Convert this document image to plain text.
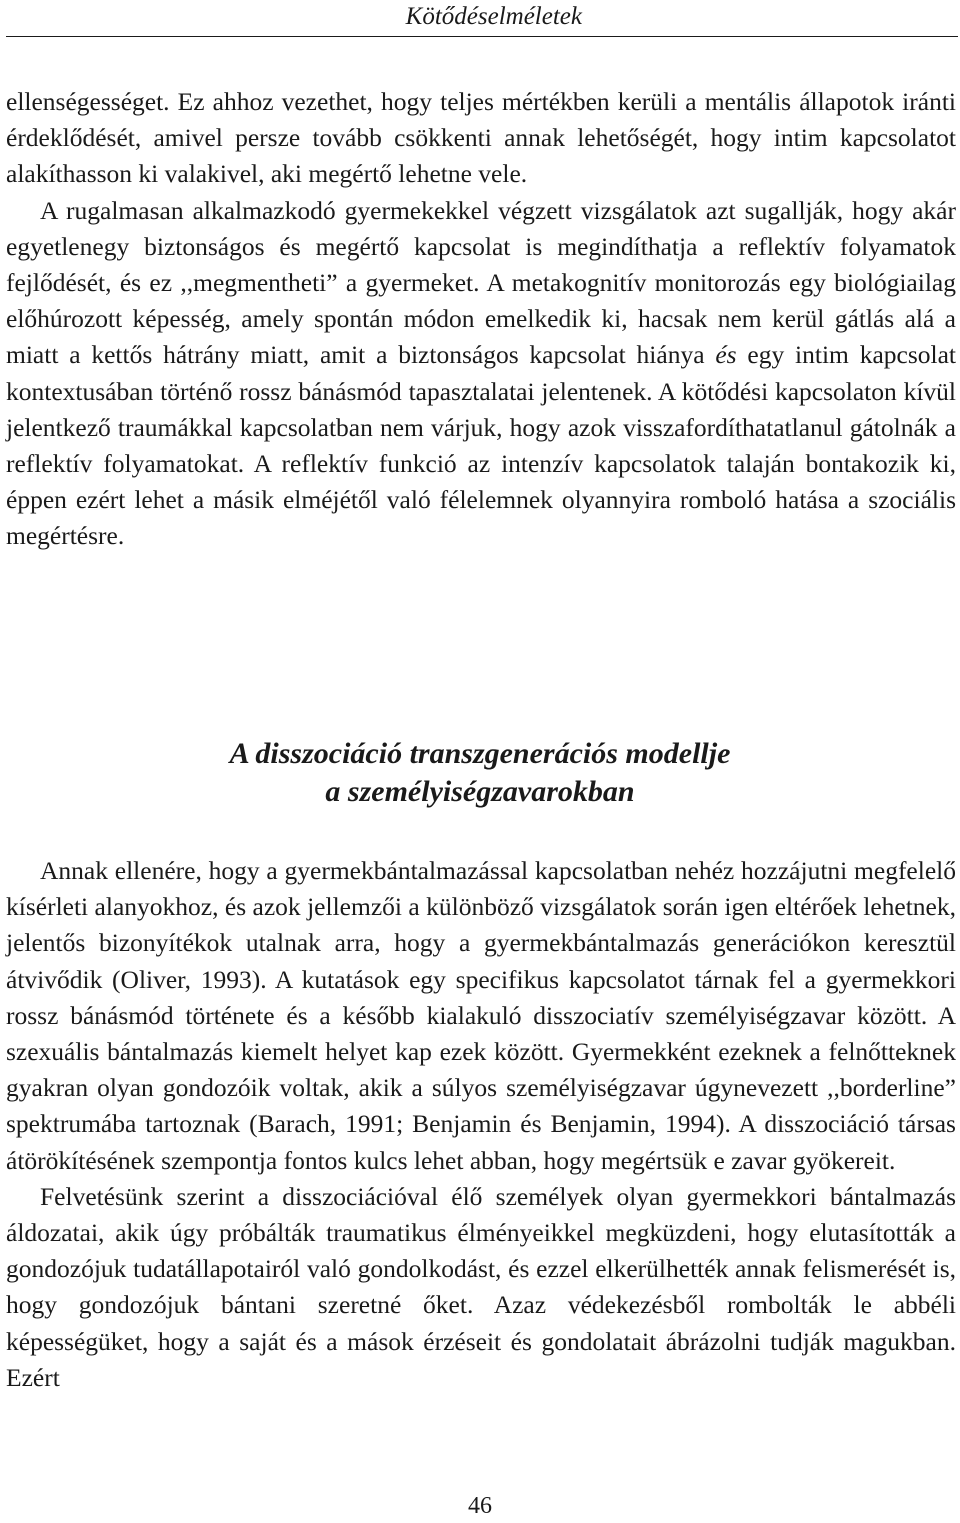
Kötődéselméletek

ellenségességet. Ez ahhoz vezethet, hogy teljes mértékben kerüli a mentális állapotok iránti érdeklődését, amivel persze tovább csökkenti annak lehetőségét, hogy intim kapcsolatot alakíthasson ki valakivel, aki megértő lehetne vele.

A rugalmasan alkalmazkodó gyermekekkel végzett vizsgálatok azt sugallják, hogy akár egyetlenegy biztonságos és megértő kapcsolat is megindíthatja a reflektív folyamatok fejlődését, és ez ,,megmentheti” a gyermeket. A metakognitív monitorozás egy biológiailag előhúrozott képesség, amely spontán módon emelkedik ki, hacsak nem kerül gátlás alá a miatt a kettős hátrány miatt, amit a biztonságos kapcsolat hiánya és egy intim kapcsolat kontextusában történő rossz bánásmód tapasztalatai jelentenek. A kötődési kapcsolaton kívül jelentkező traumákkal kapcsolatban nem várjuk, hogy azok visszafordíthatatlanul gátolnák a reflektív folyamatokat. A reflektív funkció az intenzív kapcsolatok talaján bontakozik ki, éppen ezért lehet a másik elméjétől való félelemnek olyannyira romboló hatása a szociális megértésre.

A disszociáció transzgenerációs modellje
a személyiségzavarokban

Annak ellenére, hogy a gyermekbántalmazással kapcsolatban nehéz hozzájutni megfelelő kísérleti alanyokhoz, és azok jellemzői a különböző vizsgálatok során igen eltérőek lehetnek, jelentős bizonyítékok utalnak arra, hogy a gyermekbántalmazás generációkon keresztül átvivődik (Oliver, 1993). A kutatások egy specifikus kapcsolatot tárnak fel a gyermekkori rossz bánásmód története és a később kialakuló disszociatív személyiségzavar között. A szexuális bántalmazás kiemelt helyet kap ezek között. Gyermekként ezeknek a felnőtteknek gyakran olyan gondozóik voltak, akik a súlyos személyiségzavar úgynevezett ,,borderline” spektrumába tartoznak (Barach, 1991; Benjamin és Benjamin, 1994). A disszociáció társas átörökítésének szempontja fontos kulcs lehet abban, hogy megértsük e zavar gyökereit.

Felvetésünk szerint a disszociációval élő személyek olyan gyermekkori bántalmazás áldozatai, akik úgy próbálták traumatikus élményeikkel megküzdeni, hogy elutasították a gondozójuk tudatállapotairól való gondolkodást, és ezzel elkerülhették annak felismerését is, hogy gondozójuk bántani szeretné őket. Azaz védekezésből rombolták le abbéli képességüket, hogy a saját és a mások érzéseit és gondolatait ábrázolni tudják magukban. Ezért

46
